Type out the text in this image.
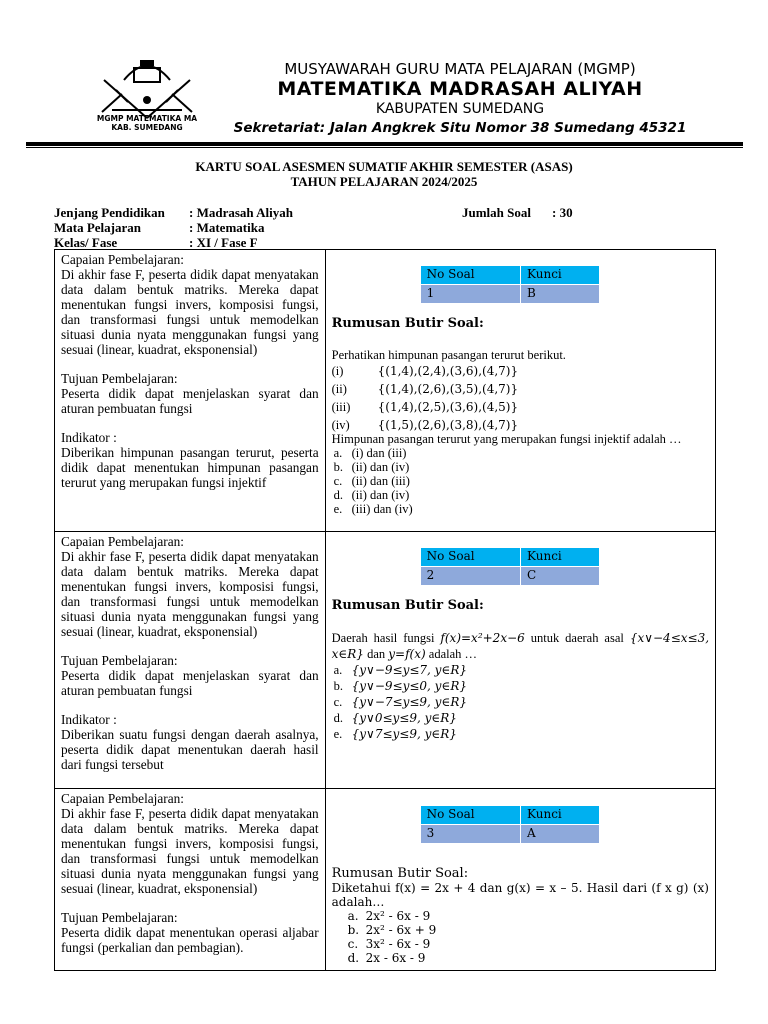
MGMP MATEMATIKA MA
KAB. SUMEDANG
MUSYAWARAH GURU MATA PELAJARAN (MGMP)
MATEMATIKA MADRASAH ALIYAH
KABUPATEN SUMEDANG
Sekretariat: Jalan Angkrek Situ Nomor 38 Sumedang 45321
KARTU SOAL ASESMEN SUMATIF AKHIR SEMESTER (ASAS)
TAHUN PELAJARAN 2024/2025
Jenjang Pendidikan : Madrasah Aliyah	Jumlah Soal : 30
Mata Pelajaran	: Matematika
Kelas/ Fase	: XI / Fase F
Capaian Pembelajaran:
Di akhir fase F, peserta didik dapat menyatakan data dalam bentuk matriks. Mereka dapat menentukan fungsi invers, komposisi fungsi, dan transformasi fungsi untuk memodelkan situasi dunia nyata menggunakan fungsi yang sesuai (linear, kuadrat, eksponensial)
Tujuan Pembelajaran:
Peserta didik dapat menjelaskan syarat dan aturan pembuatan fungsi
Indikator :
Diberikan himpunan pasangan terurut, peserta didik dapat menentukan himpunan pasangan terurut yang merupakan fungsi injektif

No Soal	Kunci
1	B
Rumusan Butir Soal:
Perhatikan himpunan pasangan terurut berikut.
(i)	{(1,4),(2,4),(3,6),(4,7)}
(ii)	{(1,4),(2,6),(3,5),(4,7)}
(iii) {(1,4),(2,5),(3,6),(4,5)}
(iv) {(1,5),(2,6),(3,8),(4,7)}
Himpunan pasangan terurut yang merupakan fungsi injektif adalah …
a. (i) dan (iii)
b. (ii) dan (iv)
c. (ii) dan (iii)
d. (ii) dan (iv)
e. (iii) dan (iv)

Capaian Pembelajaran:
Di akhir fase F, peserta didik dapat menyatakan data dalam bentuk matriks. Mereka dapat menentukan fungsi invers, komposisi fungsi, dan transformasi fungsi untuk memodelkan situasi dunia nyata menggunakan fungsi yang sesuai (linear, kuadrat, eksponensial)
Tujuan Pembelajaran:
Peserta didik dapat menjelaskan syarat dan aturan pembuatan fungsi
Indikator :
Diberikan suatu fungsi dengan daerah asalnya, peserta didik dapat menentukan daerah hasil dari fungsi tersebut

No Soal	Kunci
2	C
Rumusan Butir Soal:
Daerah hasil fungsi f(x)=x²+2x−6 untuk daerah asal {x∨−4≤x≤3, x∈R} dan y=f(x) adalah …
a. {y∨−9≤y≤7, y∈R}
b. {y∨−9≤y≤0, y∈R}
c. {y∨−7≤y≤9, y∈R}
d. {y∨0≤y≤9, y∈R}
e. {y∨7≤y≤9, y∈R}

Capaian Pembelajaran:
Di akhir fase F, peserta didik dapat menyatakan data dalam bentuk matriks. Mereka dapat menentukan fungsi invers, komposisi fungsi, dan transformasi fungsi untuk memodelkan situasi dunia nyata menggunakan fungsi yang sesuai (linear, kuadrat, eksponensial)
Tujuan Pembelajaran:
Peserta didik dapat menentukan operasi aljabar fungsi (perkalian dan pembagian).

No Soal	Kunci
3	A
Rumusan Butir Soal:
Diketahui f(x) = 2x + 4 dan g(x) = x – 5. Hasil dari (f x g) (x) adalah…
a. 2x² - 6x - 9
b. 2x² - 6x + 9
c. 3x² - 6x - 9
d. 2x - 6x - 9
